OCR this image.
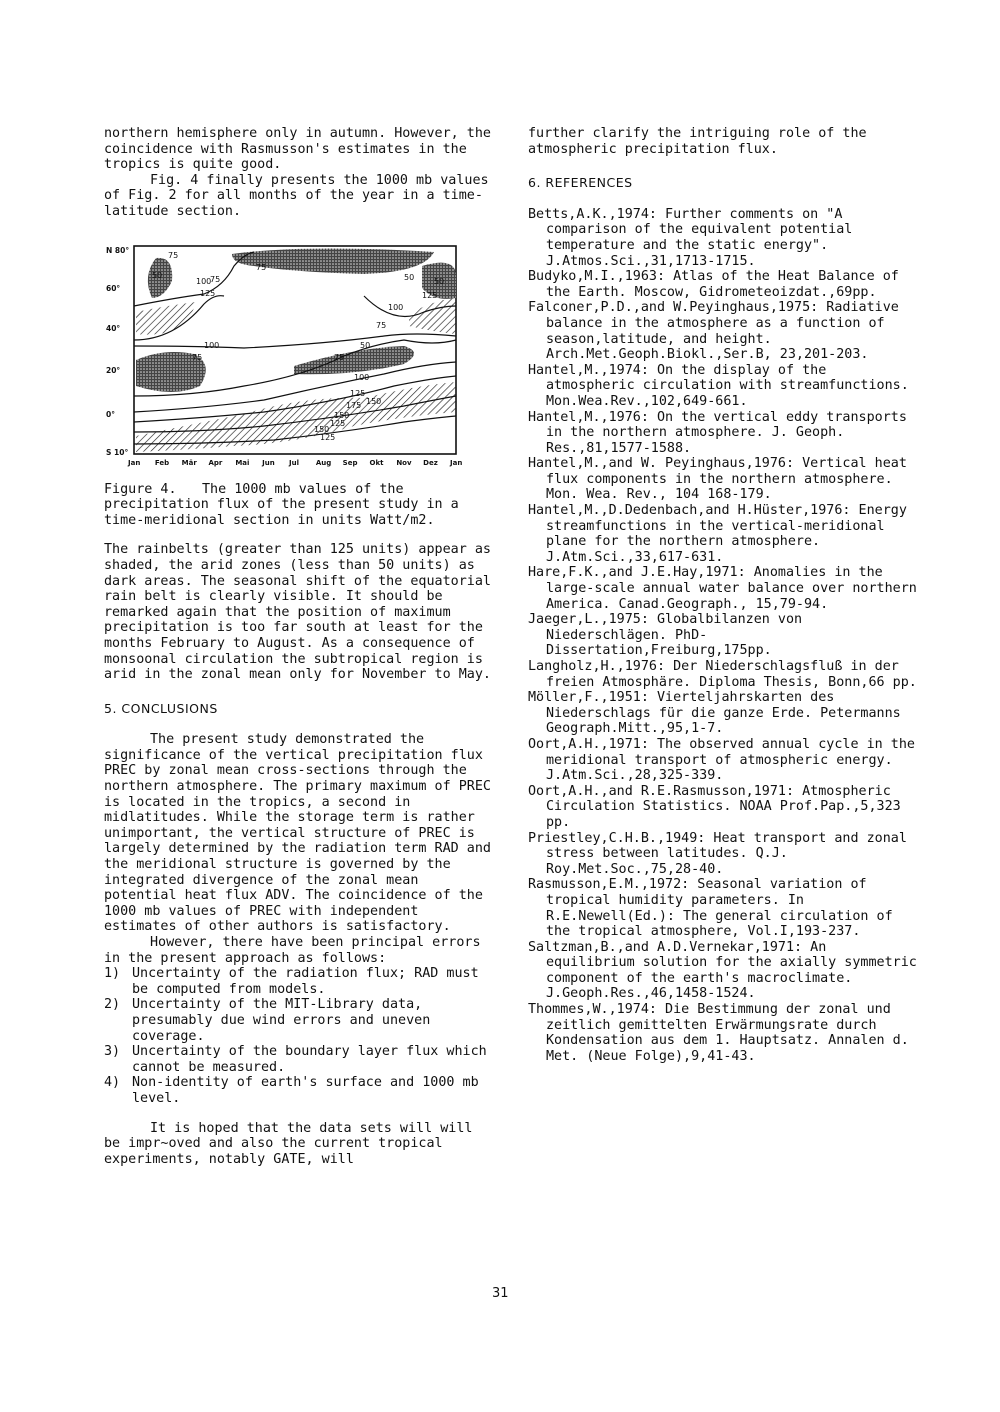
northern hemisphere only in autumn. However, the coincidence with Rasmusson's estimates in the tropics is quite good.

Fig. 4 finally presents the 1000 mb values of Fig. 2 for all months of the year in a time-latitude section.

N 80°
60°
40°
20°
0°
S 10°
Jan Feb Mär Apr Mai Jun Jul Aug Sep Okt Nov Dez Jan
75
50	50
100
75
125	125
100
75
100
75
50
100
75
125
150
175
150
125
150
125
50
75
Figure 4. The 1000 mb values of the precipitation flux of the present study in a time-meridional section in units Watt/m2.

The rainbelts (greater than 125 units) appear as shaded, the arid zones (less than 50 units) as dark areas. The seasonal shift of the equatorial rain belt is clearly visible. It should be remarked again that the position of maximum precipitation is too far south at least for the months February to August. As a consequence of monsoonal circulation the subtropical region is arid in the zonal mean only for November to May.

5. CONCLUSIONS

The present study demonstrated the significance of the vertical precipitation flux PREC by zonal mean cross-sections through the northern atmosphere. The primary maximum of PREC is located in the tropics, a second in midlatitudes. While the storage term is rather unimportant, the vertical structure of PREC is largely determined by the radiation term RAD and the meridional structure is governed by the integrated divergence of the zonal mean potential heat flux ADV. The coincidence of the 1000 mb values of PREC with independent estimates of other authors is satisfactory.

However, there have been principal errors in the present approach as follows:

1) Uncertainty of the radiation flux; RAD must be computed from models.
2) Uncertainty of the MIT-Library data, presumably due wind errors and uneven coverage.
3) Uncertainty of the boundary layer flux which cannot be measured.
4) Non-identity of earth's surface and 1000 mb level.

It is hoped that the data sets will will be impr~oved and also the current tropical experiments, notably GATE, will

further clarify the intriguing role of the atmospheric precipitation flux.

6. REFERENCES
Betts,A.K.,1974: Further comments on "A comparison of the equivalent potential temperature and the static energy". J.Atmos.Sci.,31,1713-1715.
Budyko,M.I.,1963: Atlas of the Heat Balance of the Earth. Moscow, Gidrometeoizdat.,69pp.
Falconer,P.D.,and W.Peyinghaus,1975: Radiative balance in the atmosphere as a function of season,latitude, and height. Arch.Met.Geoph.Biokl.,Ser.B, 23,201-203.
Hantel,M.,1974: On the display of the atmospheric circulation with streamfunctions. Mon.Wea.Rev.,102,649-661.
Hantel,M.,1976: On the vertical eddy transports in the northern atmosphere. J. Geoph. Res.,81,1577-1588.
Hantel,M.,and W. Peyinghaus,1976: Vertical heat flux components in the northern atmosphere. Mon. Wea. Rev., 104 168-179.
Hantel,M.,D.Dedenbach,and H.Hüster,1976: Energy streamfunctions in the vertical-meridional plane for the northern atmosphere. J.Atm.Sci.,33,617-631.
Hare,F.K.,and J.E.Hay,1971: Anomalies in the large-scale annual water balance over northern America. Canad.Geograph., 15,79-94.
Jaeger,L.,1975: Globalbilanzen von Niederschlägen. PhD-Dissertation,Freiburg,175pp.
Langholz,H.,1976: Der Niederschlagsfluß in der freien Atmosphäre. Diploma Thesis, Bonn,66 pp.
Möller,F.,1951: Vierteljahrskarten des Niederschlags für die ganze Erde. Petermanns Geograph.Mitt.,95,1-7.
Oort,A.H.,1971: The observed annual cycle in the meridional transport of atmospheric energy. J.Atm.Sci.,28,325-339.
Oort,A.H.,and R.E.Rasmusson,1971: Atmospheric Circulation Statistics. NOAA Prof.Pap.,5,323 pp.
Priestley,C.H.B.,1949: Heat transport and zonal stress between latitudes. Q.J. Roy.Met.Soc.,75,28-40.
Rasmusson,E.M.,1972: Seasonal variation of tropical humidity parameters. In R.E.Newell(Ed.): The general circulation of the tropical atmosphere, Vol.I,193-237.
Saltzman,B.,and A.D.Vernekar,1971: An equilibrium solution for the axially symmetric component of the earth's macroclimate. J.Geoph.Res.,46,1458-1524.
Thommes,W.,1974: Die Bestimmung der zonal und zeitlich gemittelten Erwärmungsrate durch Kondensation aus dem 1. Hauptsatz. Annalen d. Met. (Neue Folge),9,41-43.
31
